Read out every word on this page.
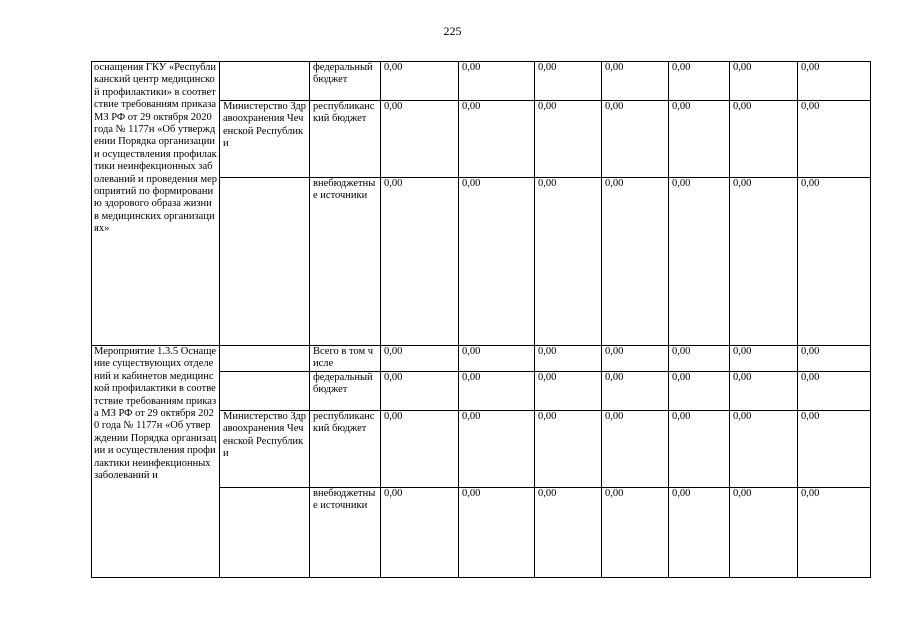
225
оснащения ГКУ «Республиканский центр медицинской профилактики» в соответствие требованиям приказа МЗ РФ от 29 октября 2020 года № 1177н «Об утверждении Порядка организации и осуществления профилактики неинфекционных заболеваний и проведения мероприятий по формированию здорового образа жизни в медицинских организациях»		федеральный бюджет	0,00	0,00	0,00	0,00	0,00	0,00	0,00
	Министерство Здравоохранения Чеченской Республики	республиканский бюджет	0,00	0,00	0,00	0,00	0,00	0,00	0,00
		внебюджетные источники	0,00	0,00	0,00	0,00	0,00	0,00	0,00
Мероприятие 1.3.5 Оснащение существующих отделений и кабинетов медицинской профилактики в соответствие требованиям приказа МЗ РФ от 29 октября 2020 года № 1177н «Об утверждении Порядка организации и осуществления профилактики неинфекционных заболеваний и		Всего в том числе	0,00	0,00	0,00	0,00	0,00	0,00	0,00
		федеральный бюджет	0,00	0,00	0,00	0,00	0,00	0,00	0,00
	Министерство Здравоохранения Чеченской Республики	республиканский бюджет	0,00	0,00	0,00	0,00	0,00	0,00	0,00
		внебюджетные источники	0,00	0,00	0,00	0,00	0,00	0,00	0,00
